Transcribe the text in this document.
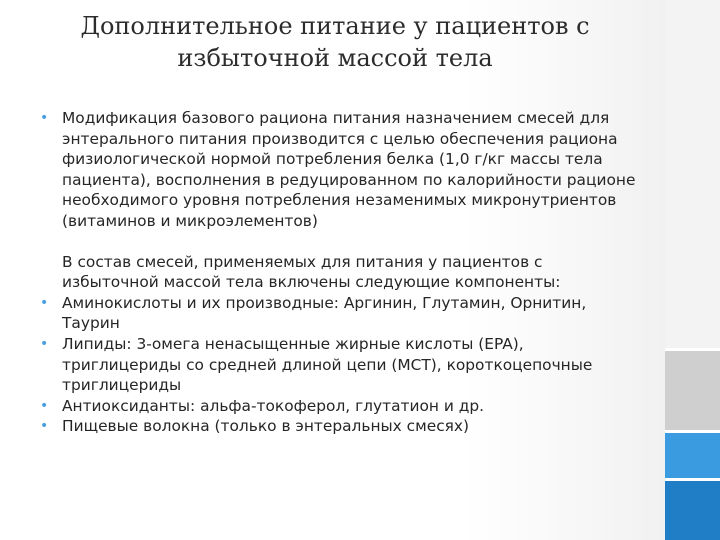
Дополнительное питание у пациентов с
избыточной массой тела
• Модификация базового рациона питания назначением смесей для энтерального питания производится с целью обеспечения рациона физиологической нормой потребления белка (1,0 г/кг массы тела пациента), восполнения в редуцированном по калорийности рационе необходимого уровня потребления незаменимых микронутриентов (витаминов и микроэлементов)
В состав смесей, применяемых для питания у пациентов с избыточной массой тела включены следующие компоненты:
• Аминокислоты и их производные: Аргинин, Глутамин, Орнитин, Таурин
• Липиды: 3-омега ненасыщенные жирные кислоты (EPA), триглицериды со средней длиной цепи (MCT), короткоцепочные триглицериды
• Антиоксиданты: альфа-токоферол, глутатион и др.
• Пищевые волокна (только в энтеральных смесях)
